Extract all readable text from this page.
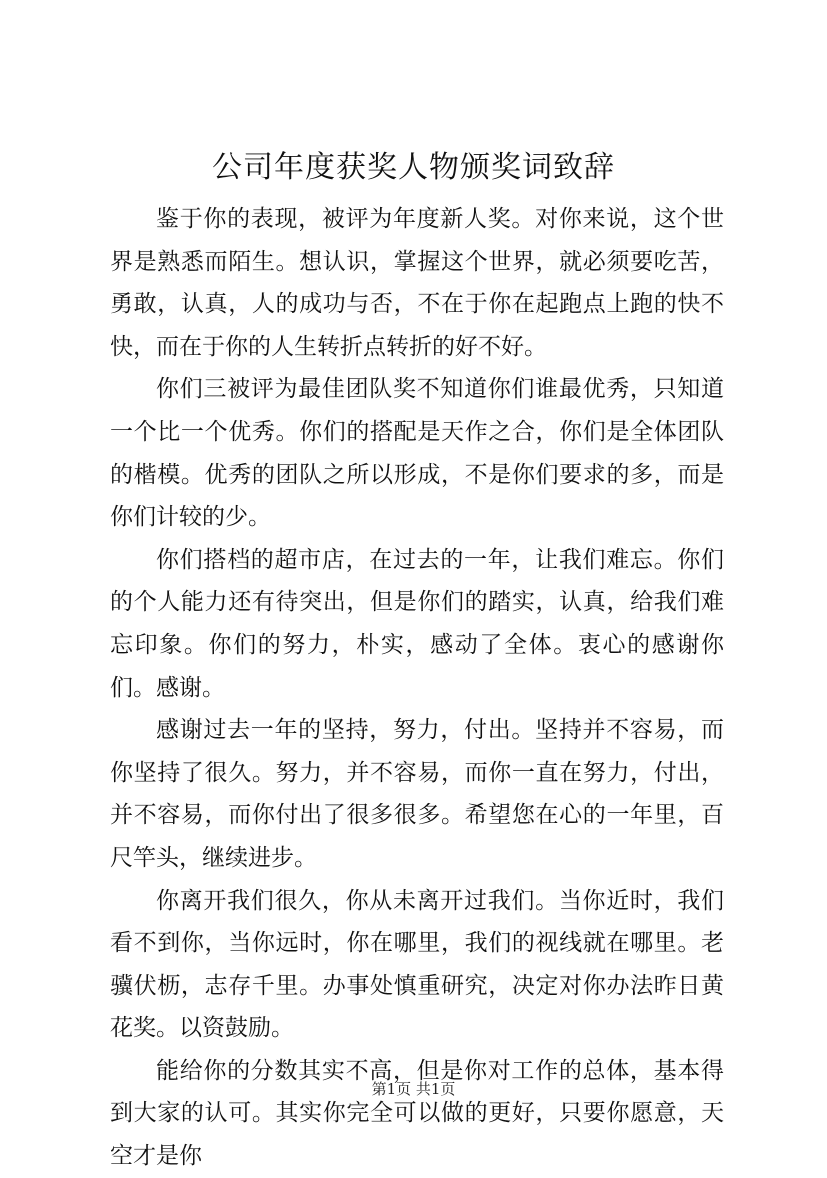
公司年度获奖人物颁奖词致辞

鉴于你的表现，被评为年度新人奖。对你来说，这个世界是熟悉而陌生。想认识，掌握这个世界，就必须要吃苦，勇敢，认真，人的成功与否，不在于你在起跑点上跑的快不快，而在于你的人生转折点转折的好不好。

你们三被评为最佳团队奖不知道你们谁最优秀，只知道一个比一个优秀。你们的搭配是天作之合，你们是全体团队的楷模。优秀的团队之所以形成，不是你们要求的多，而是你们计较的少。

你们搭档的超市店，在过去的一年，让我们难忘。你们的个人能力还有待突出，但是你们的踏实，认真，给我们难忘印象。你们的努力，朴实，感动了全体。衷心的感谢你们。感谢。

感谢过去一年的坚持，努力，付出。坚持并不容易，而你坚持了很久。努力，并不容易，而你一直在努力，付出，并不容易，而你付出了很多很多。希望您在心的一年里，百尺竿头，继续进步。

你离开我们很久，你从未离开过我们。当你近时，我们看不到你，当你远时，你在哪里，我们的视线就在哪里。老骥伏枥，志存千里。办事处慎重研究，决定对你办法昨日黄花奖。以资鼓励。

能给你的分数其实不高，但是你对工作的总体，基本得到大家的认可。其实你完全可以做的更好，只要你愿意，天空才是你

第1页 共1页
